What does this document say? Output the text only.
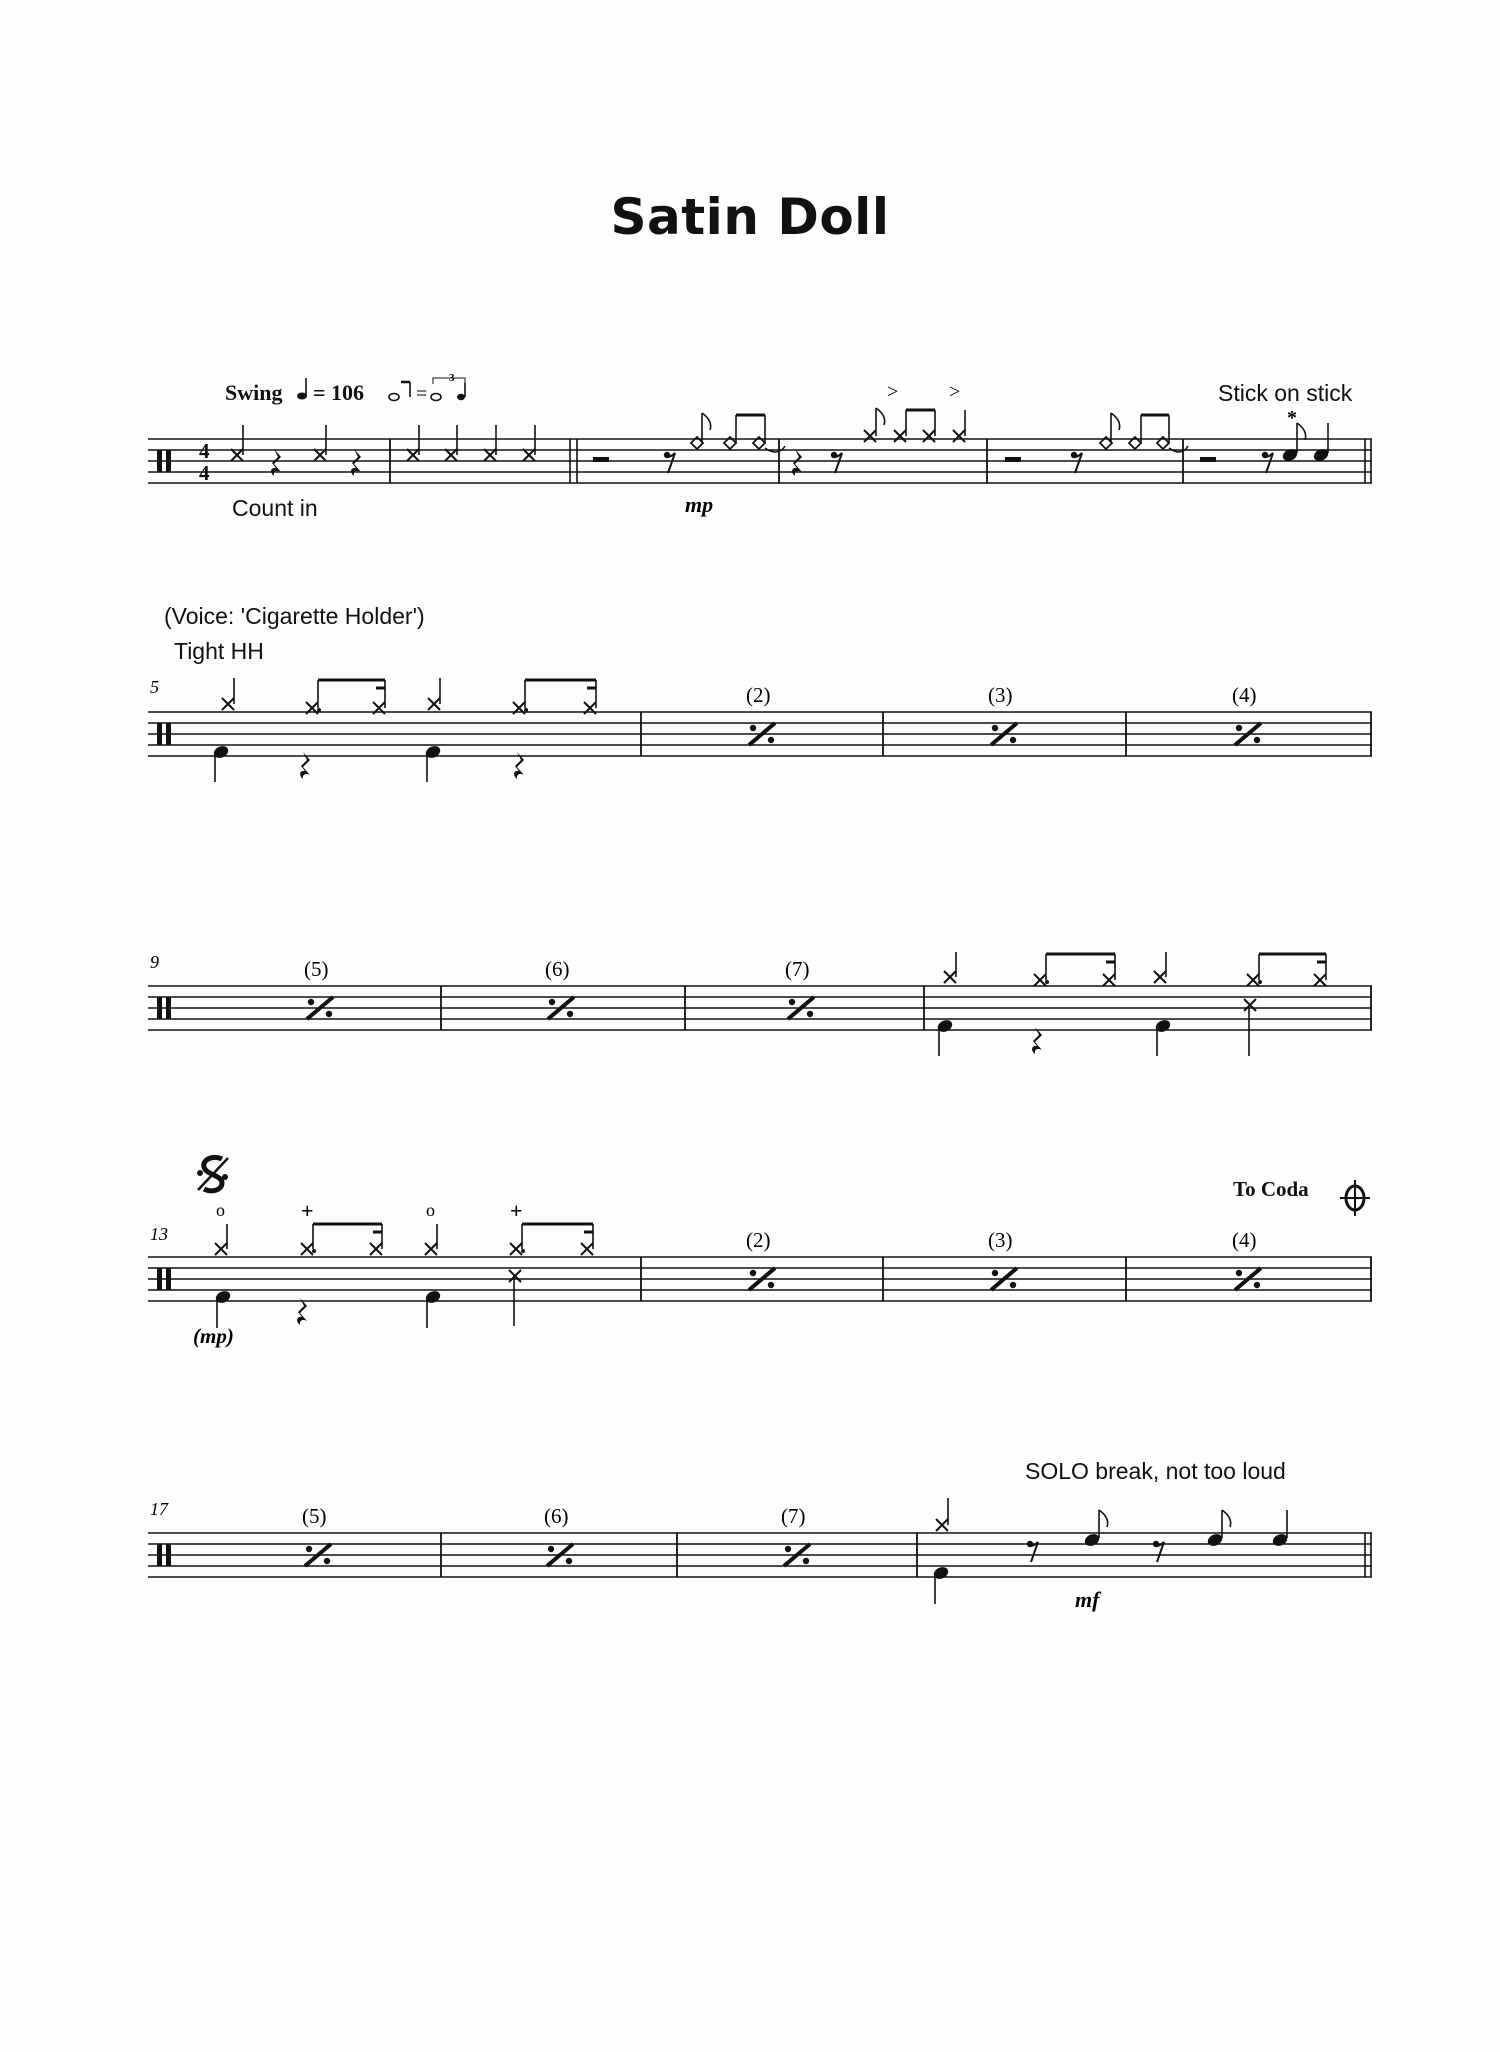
Satin Doll
Swing = 106
Count in
Stick on stick
(Voice: 'Cigarette Holder')
Tight HH
To Coda
SOLO break, not too loud
4
4
=
3
mp
>	>
*
5	(2)	(3)	(4)
9	(5)	(6)	(7)
13
o	+	o	+
(mp)
(2)	(3)	(4)
17	(5)	(6)	(7)
mf
